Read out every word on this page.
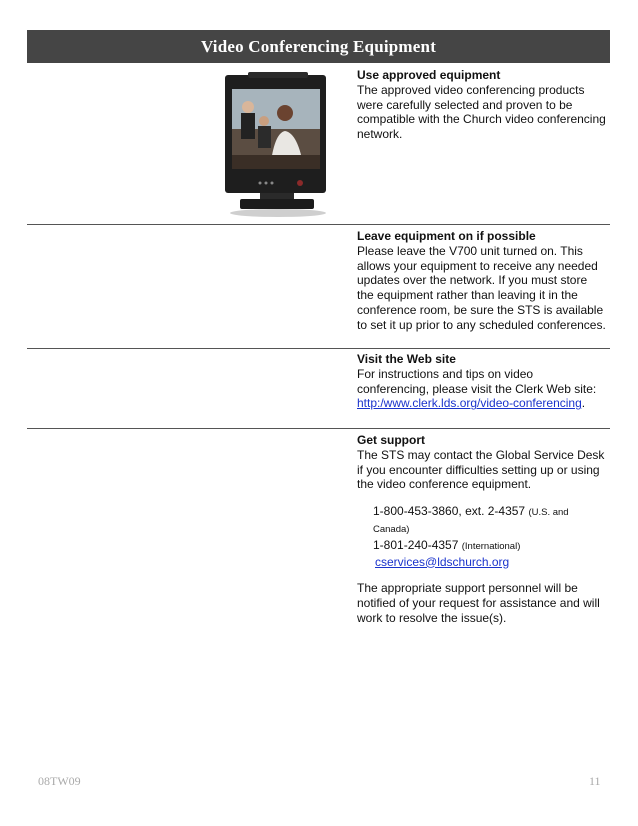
Video Conferencing Equipment
Use approved equipment
The approved video conferencing products were carefully selected and proven to be compatible with the Church video conferencing network.
Leave equipment on if possible
Please leave the V700 unit turned on. This allows your equipment to receive any needed updates over the network. If you must store the equipment rather than leaving it in the conference room, be sure the STS is available to set it up prior to any scheduled conferences.
Visit the Web site
For instructions and tips on video conferencing, please visit the Clerk Web site:
http:/www.clerk.lds.org/video-conferencing.
Get support
The STS may contact the Global Service Desk if you encounter difficulties setting up or using the video conference equipment.
1-800-453-3860, ext. 2-4357 (U.S. and Canada)
1-801-240-4357 (International)
cservices@ldschurch.org
The appropriate support personnel will be notified of your request for assistance and will work to resolve the issue(s).
08TW09	11
